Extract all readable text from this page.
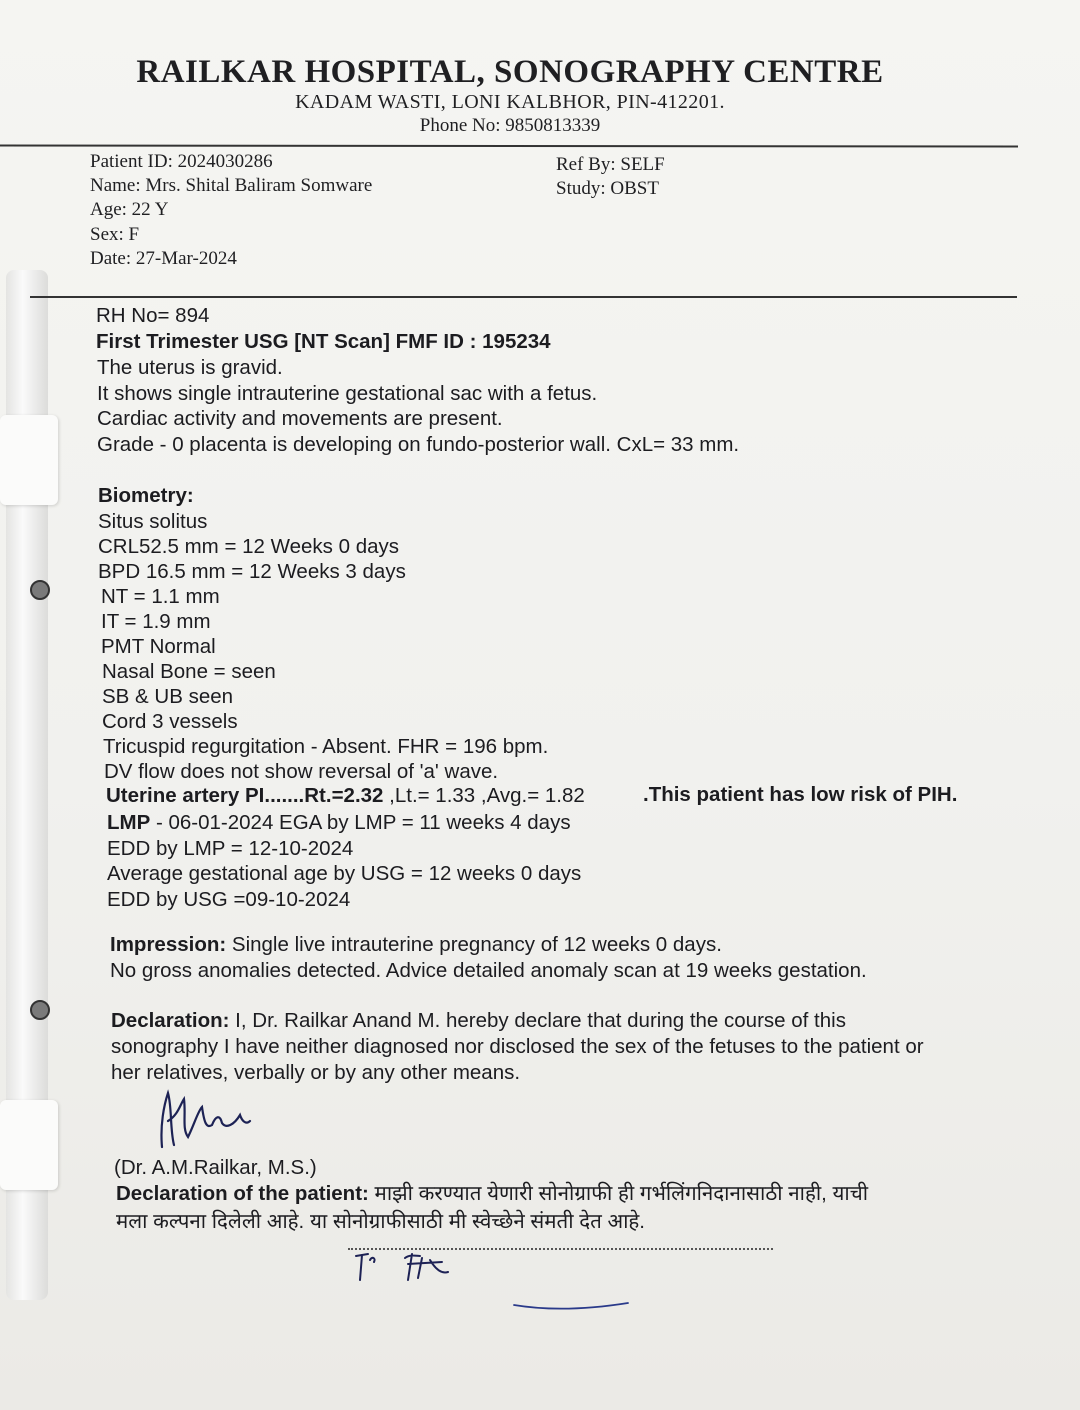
RAILKAR HOSPITAL, SONOGRAPHY CENTRE
KADAM WASTI, LONI KALBHOR, PIN-412201.
Phone No: 9850813339
Patient ID: 2024030286
Name: Mrs. Shital Baliram Somware
Age: 22 Y
Sex: F
Date: 27-Mar-2024
Ref By: SELF
Study: OBST
RH No= 894
First Trimester USG [NT Scan] FMF ID : 195234
The uterus is gravid.
It shows single intrauterine gestational sac with a fetus.
Cardiac activity and movements are present.
Grade - 0 placenta is developing on fundo-posterior wall. CxL= 33 mm.
Biometry:
Situs solitus
CRL52.5 mm = 12 Weeks 0 days
BPD 16.5 mm = 12 Weeks 3 days
NT = 1.1 mm
IT = 1.9 mm
PMT Normal
Nasal Bone = seen
SB & UB seen
Cord 3 vessels
Tricuspid regurgitation - Absent. FHR = 196 bpm.
DV flow does not show reversal of 'a' wave.
Uterine artery PI.......Rt.=2.32 ,Lt.= 1.33 ,Avg.= 1.82	.This patient has low risk of PIH.
LMP - 06-01-2024 EGA by LMP = 11 weeks 4 days
EDD by LMP = 12-10-2024
Average gestational age by USG = 12 weeks 0 days
EDD by USG =09-10-2024
Impression: Single live intrauterine pregnancy of 12 weeks 0 days.
No gross anomalies detected. Advice detailed anomaly scan at 19 weeks gestation.
Declaration: I, Dr. Railkar Anand M. hereby declare that during the course of this
sonography I have neither diagnosed nor disclosed the sex of the fetuses to the patient or
her relatives, verbally or by any other means.
(Dr. A.M.Railkar, M.S.)
Declaration of the patient: माझी करण्यात येणारी सोनोग्राफी ही गर्भलिंगनिदानासाठी नाही, याची
मला कल्पना दिलेली आहे. या सोनोग्राफीसाठी मी स्वेच्छेने संमती देत आहे.
